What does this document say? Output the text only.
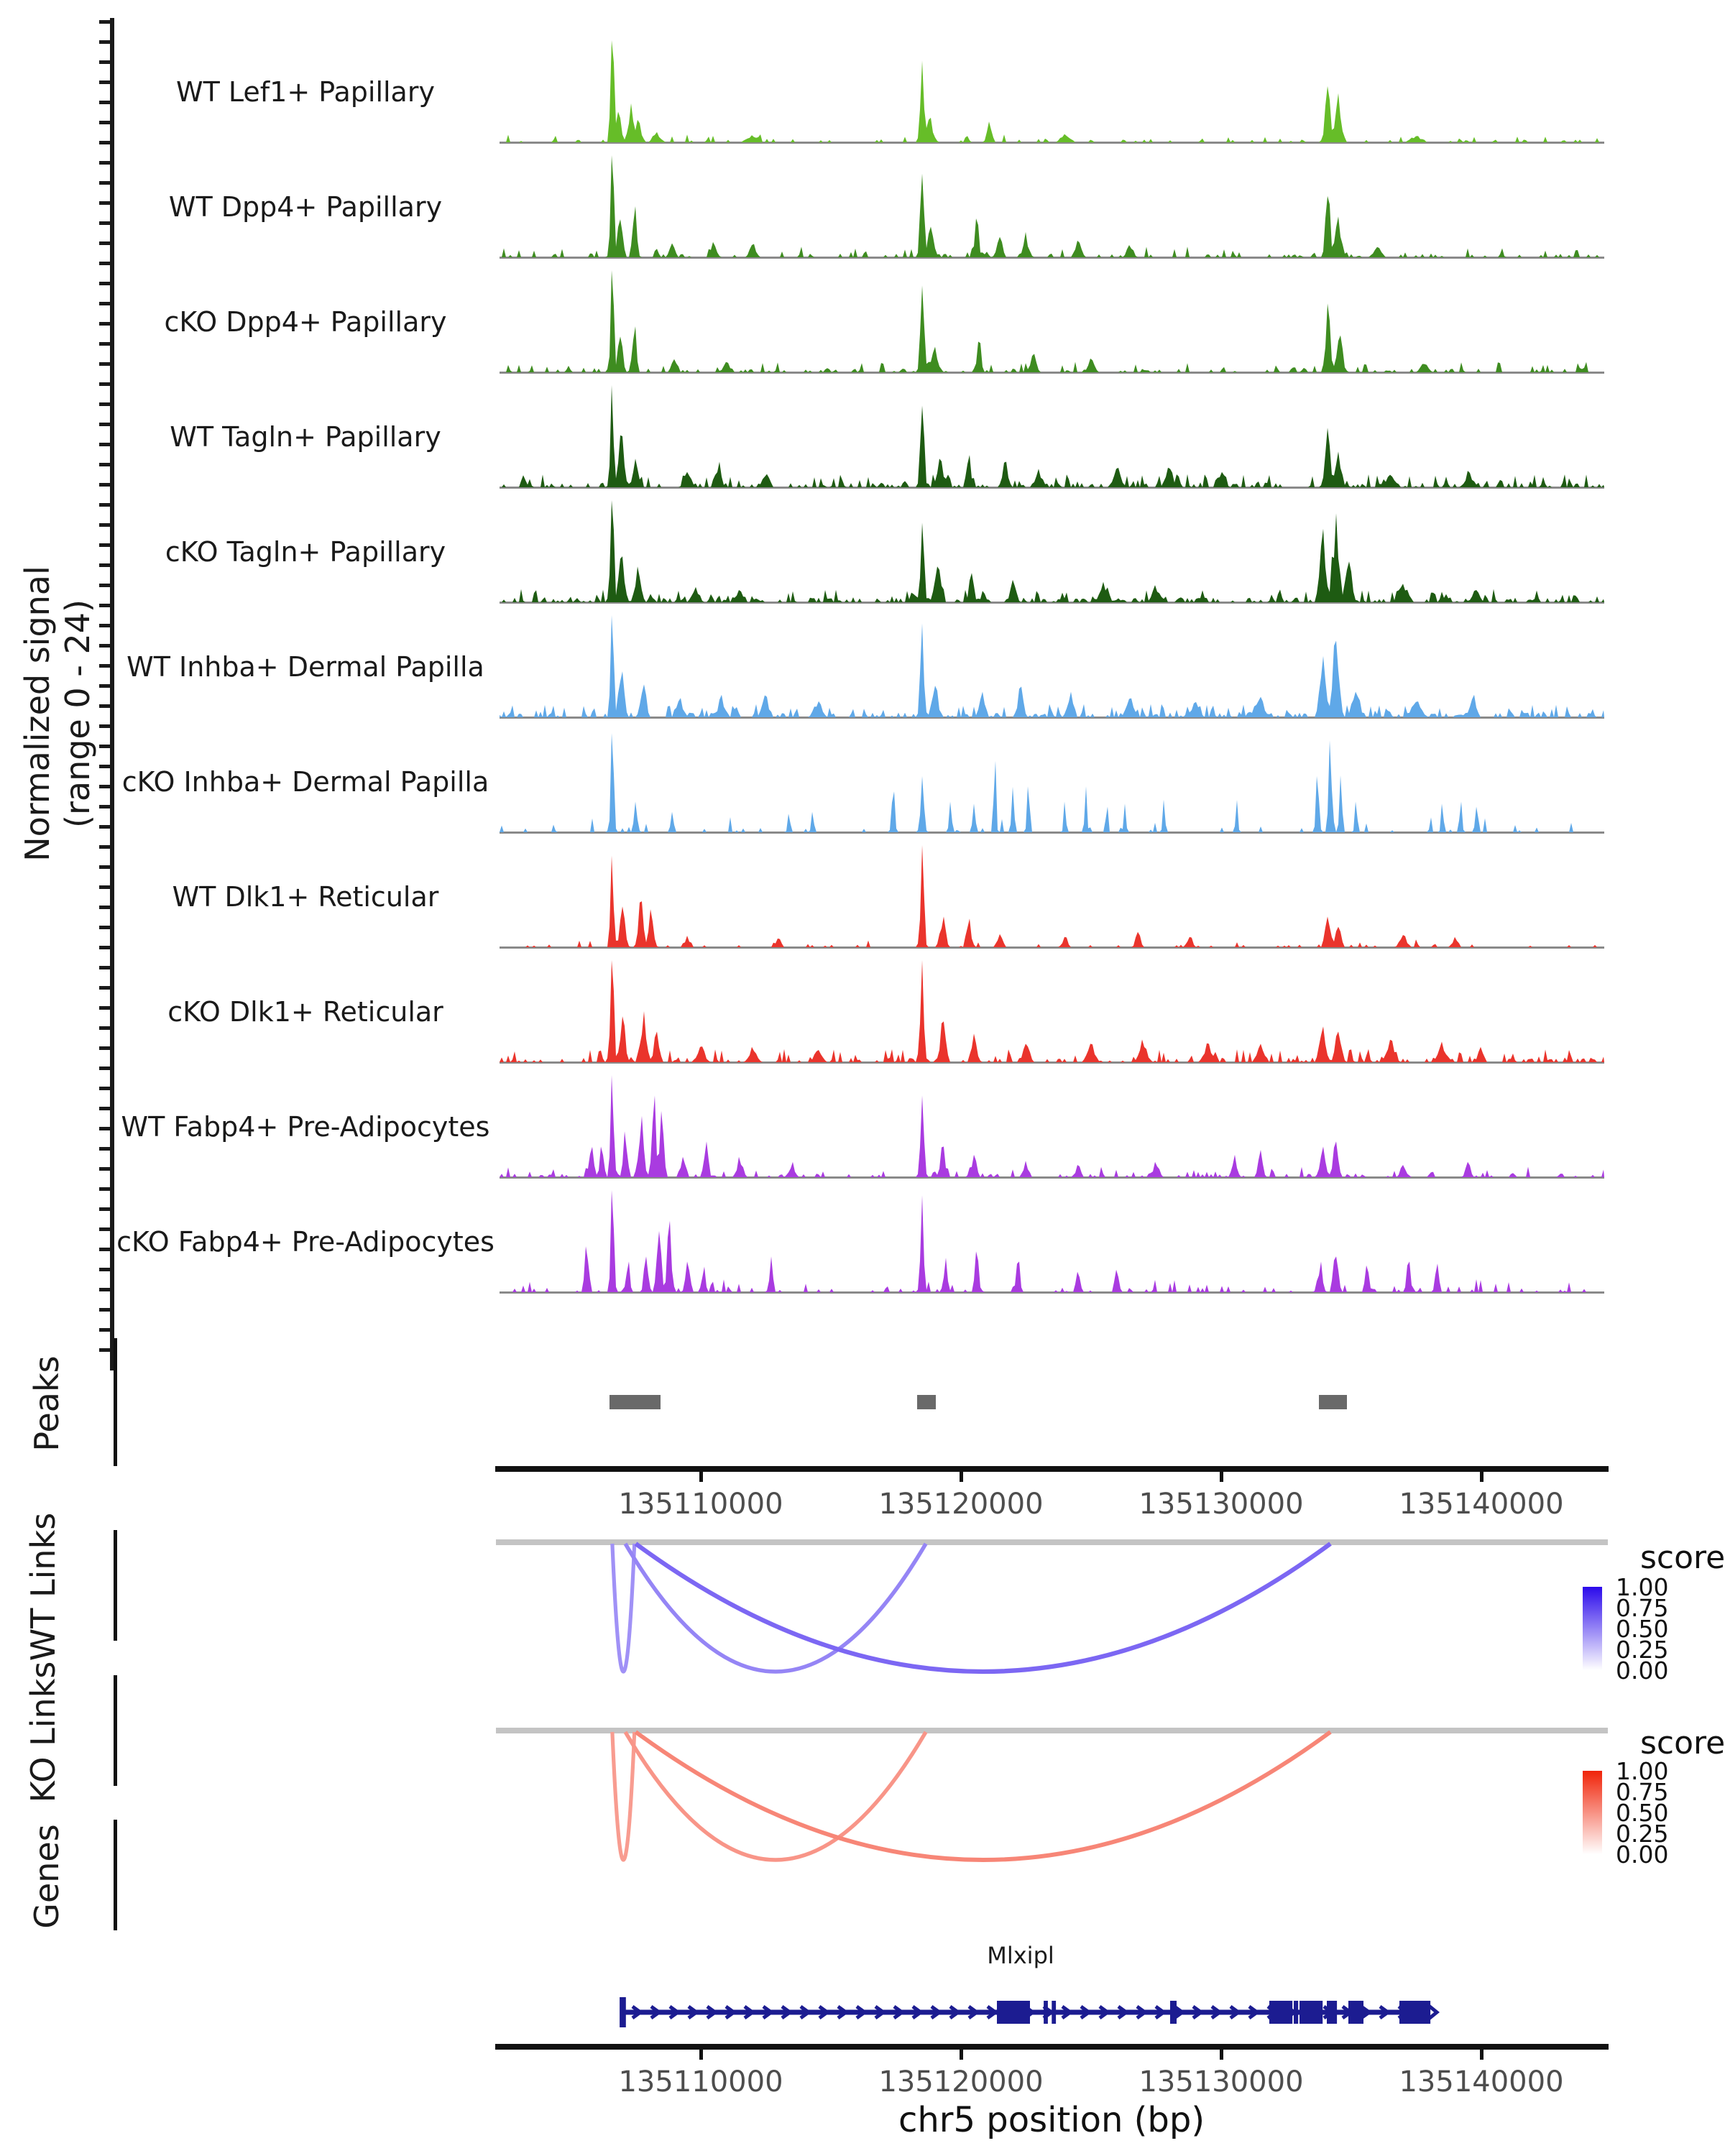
Normalized signal (range 0 - 24)
WT Lef1+ Papillary
WT Dpp4+ Papillary
cKO Dpp4+ Papillary
WT Tagln+ Papillary
cKO Tagln+ Papillary
WT Inhba+ Dermal Papilla
cKO Inhba+ Dermal Papilla
WT Dlk1+ Reticular
cKO Dlk1+ Reticular
WT Fabp4+ Pre-Adipocytes
cKO Fabp4+ Pre-Adipocytes
Peaks
135110000	135120000	135130000	135140000
WT Links	score
1.00
0.75
0.50
0.25
0.00
KO Links	score
1.00
0.75
0.50
0.25
0.00
Genes
Mlxipl
135110000	135120000	135130000	135140000
chr5 position (bp)
